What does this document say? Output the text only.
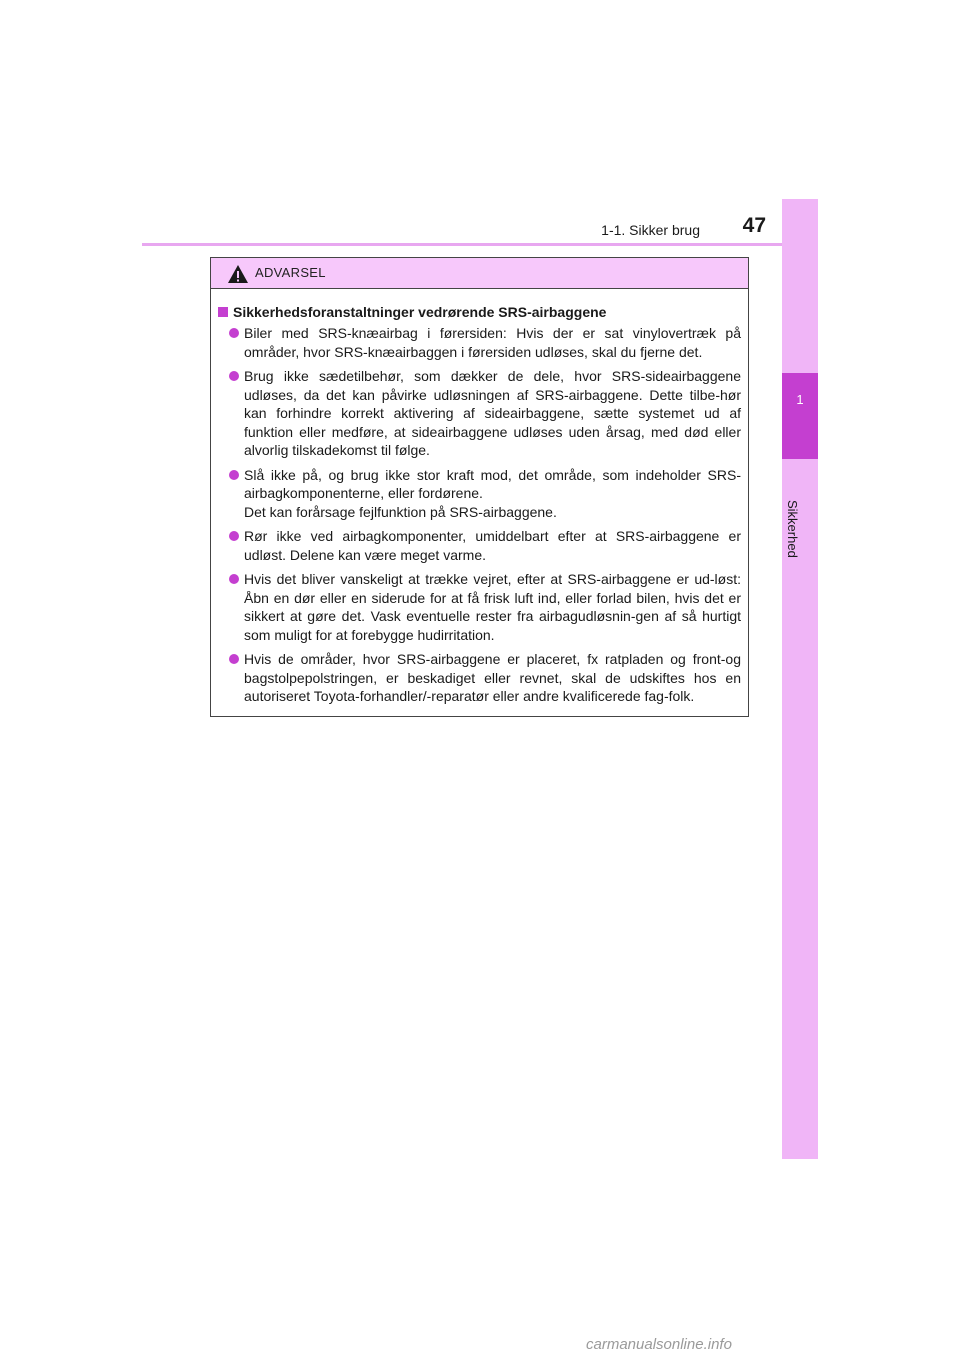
1-1. Sikker brug	47
1
Sikkerhed
ADVARSEL
Sikkerhedsforanstaltninger vedrørende SRS-airbaggene
Biler med SRS-knæairbag i førersiden: Hvis der er sat vinylovertræk på områder, hvor SRS-knæairbaggen i førersiden udløses, skal du fjerne det.
Brug ikke sædetilbehør, som dækker de dele, hvor SRS-sideairbaggene udløses, da det kan påvirke udløsningen af SRS-airbaggene. Dette tilbe-hør kan forhindre korrekt aktivering af sideairbaggene, sætte systemet ud af funktion eller medføre, at sideairbaggene udløses uden årsag, med død eller alvorlig tilskadekomst til følge.
Slå ikke på, og brug ikke stor kraft mod, det område, som indeholder SRS-airbagkomponenterne, eller fordørene.
Det kan forårsage fejlfunktion på SRS-airbaggene.
Rør ikke ved airbagkomponenter, umiddelbart efter at SRS-airbaggene er udløst. Delene kan være meget varme.
Hvis det bliver vanskeligt at trække vejret, efter at SRS-airbaggene er ud-løst: Åbn en dør eller en siderude for at få frisk luft ind, eller forlad bilen, hvis det er sikkert at gøre det. Vask eventuelle rester fra airbagudløsnin-gen af så hurtigt som muligt for at forebygge hudirritation.
Hvis de områder, hvor SRS-airbaggene er placeret, fx ratpladen og front-og bagstolpepolstringen, er beskadiget eller revnet, skal de udskiftes hos en autoriseret Toyota-forhandler/-reparatør eller andre kvalificerede fag-folk.
carmanualsonline.info
